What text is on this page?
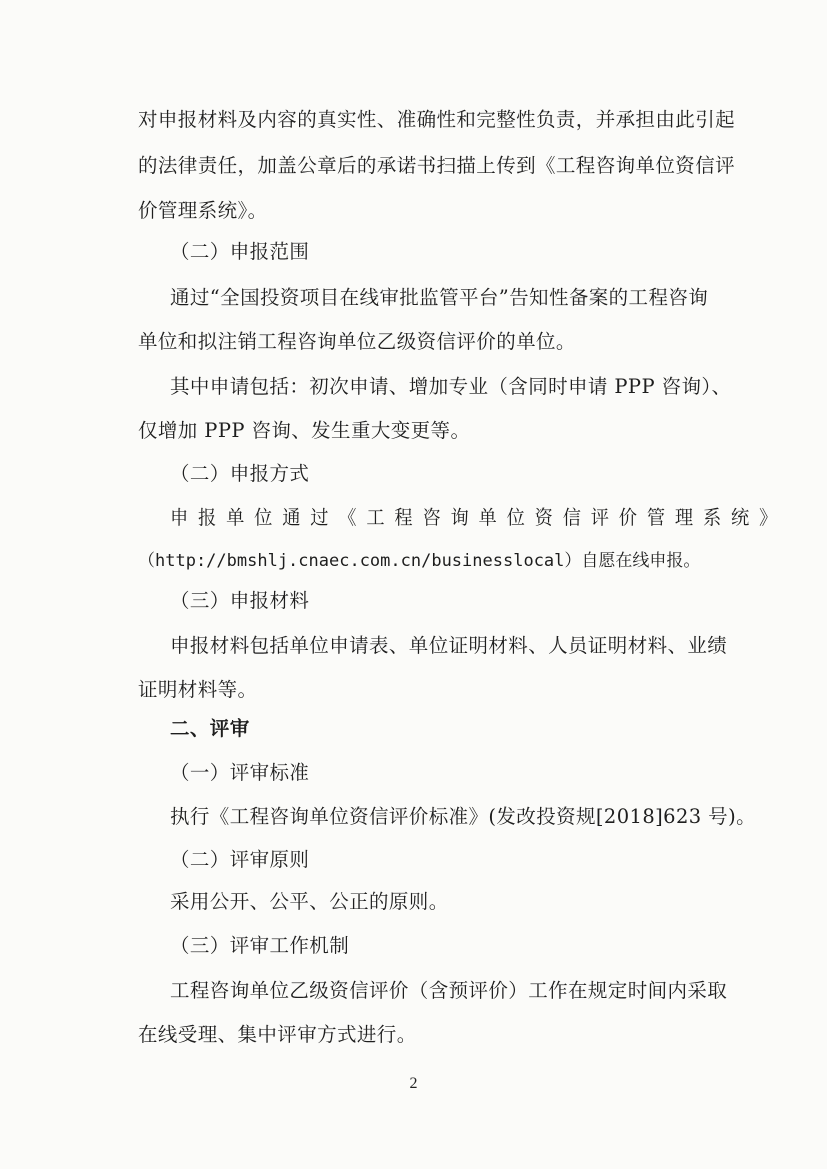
对申报材料及内容的真实性、准确性和完整性负责，并承担由此引起
的法律责任，加盖公章后的承诺书扫描上传到《工程咨询单位资信评
价管理系统》。
（二）申报范围
通过“全国投资项目在线审批监管平台”告知性备案的工程咨询
单位和拟注销工程咨询单位乙级资信评价的单位。
其中申请包括：初次申请、增加专业（含同时申请 PPP 咨询）、
仅增加 PPP 咨询、发生重大变更等。
（二）申报方式
申报单位通过《工程咨询单位资信评价管理系统》
（http://bmshlj.cnaec.com.cn/businesslocal）自愿在线申报。
（三）申报材料
申报材料包括单位申请表、单位证明材料、人员证明材料、业绩
证明材料等。
二、评审
（一）评审标准
执行《工程咨询单位资信评价标准》(发改投资规[2018]623 号)。
（二）评审原则
采用公开、公平、公正的原则。
（三）评审工作机制
工程咨询单位乙级资信评价（含预评价）工作在规定时间内采取
在线受理、集中评审方式进行。
2
